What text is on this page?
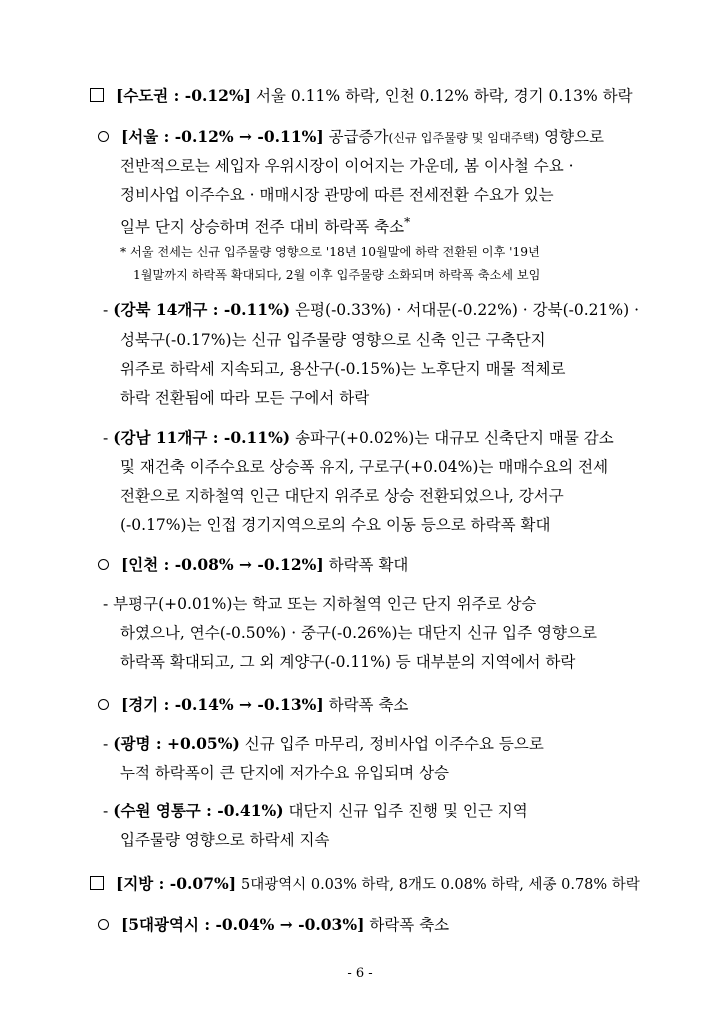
[수도권 : -0.12%] 서울 0.11% 하락, 인천 0.12% 하락, 경기 0.13% 하락
[서울 : -0.12% → -0.11%] 공급증가(신규 입주물량 및 임대주택) 영향으로
전반적으로는 세입자 우위시장이 이어지는 가운데, 봄 이사철 수요 ·
정비사업 이주수요 · 매매시장 관망에 따른 전세전환 수요가 있는
일부 단지 상승하며 전주 대비 하락폭 축소*
* 서울 전세는 신규 입주물량 영향으로 '18년 10월말에 하락 전환된 이후 '19년
1월말까지 하락폭 확대되다, 2월 이후 입주물량 소화되며 하락폭 축소세 보임
- (강북 14개구 : -0.11%) 은평(-0.33%) · 서대문(-0.22%) · 강북(-0.21%) ·
성북구(-0.17%)는 신규 입주물량 영향으로 신축 인근 구축단지
위주로 하락세 지속되고, 용산구(-0.15%)는 노후단지 매물 적체로
하락 전환됨에 따라 모든 구에서 하락
- (강남 11개구 : -0.11%) 송파구(+0.02%)는 대규모 신축단지 매물 감소
및 재건축 이주수요로 상승폭 유지, 구로구(+0.04%)는 매매수요의 전세
전환으로 지하철역 인근 대단지 위주로 상승 전환되었으나, 강서구
(-0.17%)는 인접 경기지역으로의 수요 이동 등으로 하락폭 확대
[인천 : -0.08% → -0.12%] 하락폭 확대
- 부평구(+0.01%)는 학교 또는 지하철역 인근 단지 위주로 상승
하였으나, 연수(-0.50%) · 중구(-0.26%)는 대단지 신규 입주 영향으로
하락폭 확대되고, 그 외 계양구(-0.11%) 등 대부분의 지역에서 하락
[경기 : -0.14% → -0.13%] 하락폭 축소
- (광명 : +0.05%) 신규 입주 마무리, 정비사업 이주수요 등으로
누적 하락폭이 큰 단지에 저가수요 유입되며 상승
- (수원 영통구 : -0.41%) 대단지 신규 입주 진행 및 인근 지역
입주물량 영향으로 하락세 지속
[지방 : -0.07%] 5대광역시 0.03% 하락, 8개도 0.08% 하락, 세종 0.78% 하락
[5대광역시 : -0.04% → -0.03%] 하락폭 축소
- 6 -
